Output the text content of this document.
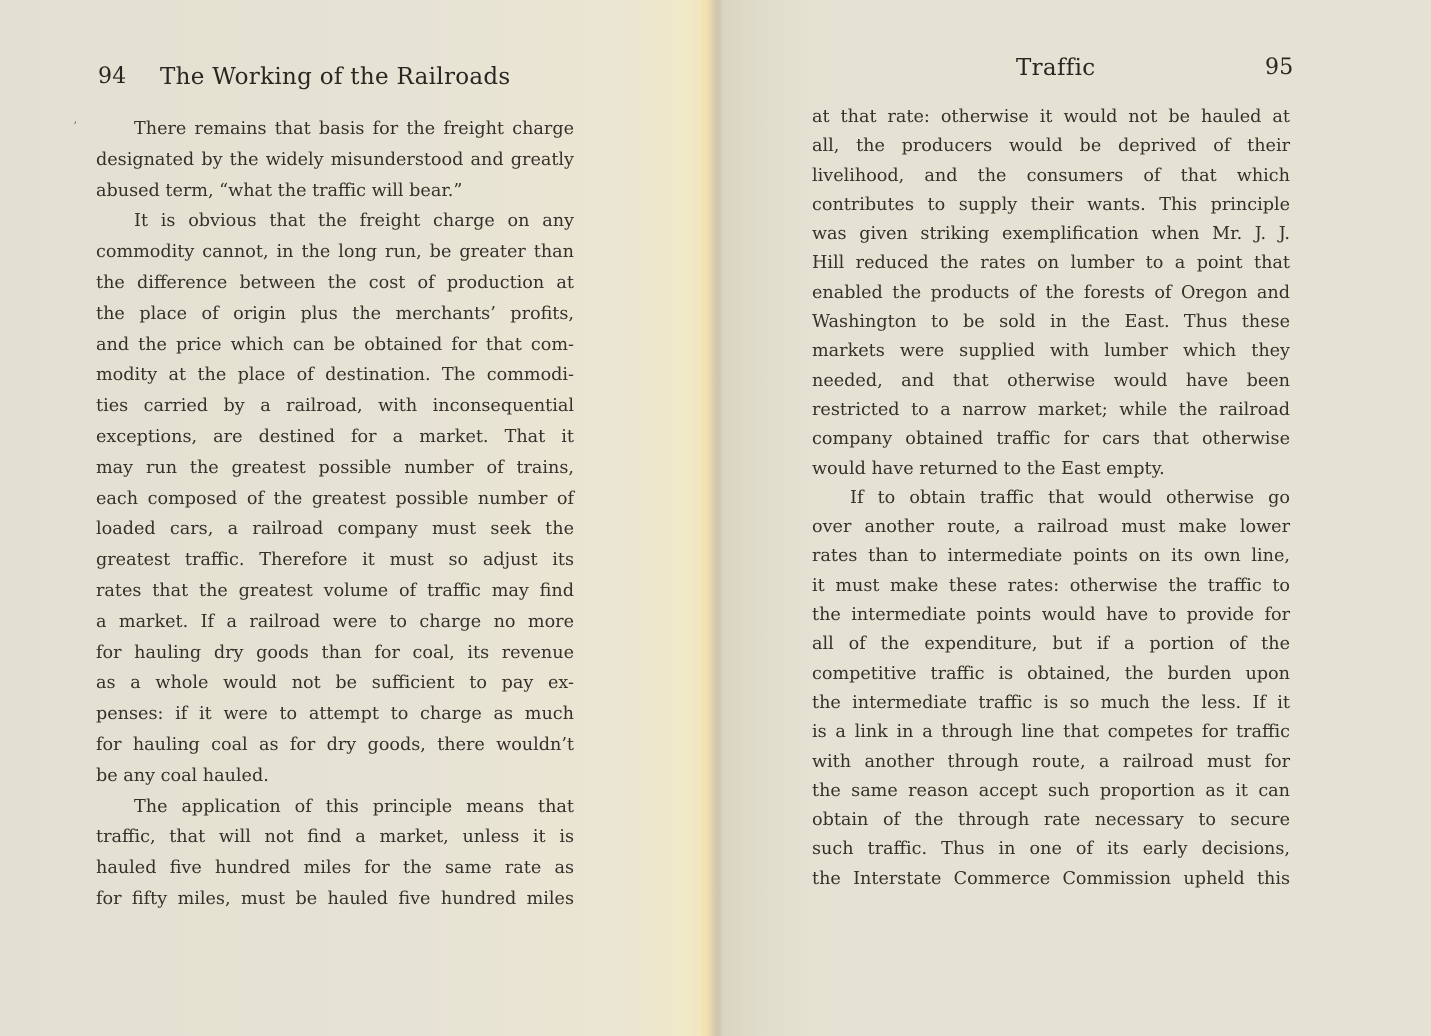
ʼ
94 The Working of the Railroads
There remains that basis for the freight charge
designated by the widely misunderstood and greatly
abused term, “what the traffic will bear.”
It is obvious that the freight charge on any
commodity cannot, in the long run, be greater than
the difference between the cost of production at
the place of origin plus the merchants’ profits,
and the price which can be obtained for that com-
modity at the place of destination. The commodi-
ties carried by a railroad, with inconsequential
exceptions, are destined for a market. That it
may run the greatest possible number of trains,
each composed of the greatest possible number of
loaded cars, a railroad company must seek the
greatest traffic. Therefore it must so adjust its
rates that the greatest volume of traffic may find
a market. If a railroad were to charge no more
for hauling dry goods than for coal, its revenue
as a whole would not be sufficient to pay ex-
penses: if it were to attempt to charge as much
for hauling coal as for dry goods, there wouldn’t
be any coal hauled.
The application of this principle means that
traffic, that will not find a market, unless it is
hauled five hundred miles for the same rate as
for fifty miles, must be hauled five hundred miles
Traffic	95
at that rate: otherwise it would not be hauled at
all, the producers would be deprived of their
livelihood, and the consumers of that which
contributes to supply their wants. This principle
was given striking exemplification when Mr. J. J.
Hill reduced the rates on lumber to a point that
enabled the products of the forests of Oregon and
Washington to be sold in the East. Thus these
markets were supplied with lumber which they
needed, and that otherwise would have been
restricted to a narrow market; while the railroad
company obtained traffic for cars that otherwise
would have returned to the East empty.
If to obtain traffic that would otherwise go
over another route, a railroad must make lower
rates than to intermediate points on its own line,
it must make these rates: otherwise the traffic to
the intermediate points would have to provide for
all of the expenditure, but if a portion of the
competitive traffic is obtained, the burden upon
the intermediate traffic is so much the less. If it
is a link in a through line that competes for traffic
with another through route, a railroad must for
the same reason accept such proportion as it can
obtain of the through rate necessary to secure
such traffic. Thus in one of its early decisions,
the Interstate Commerce Commission upheld this
